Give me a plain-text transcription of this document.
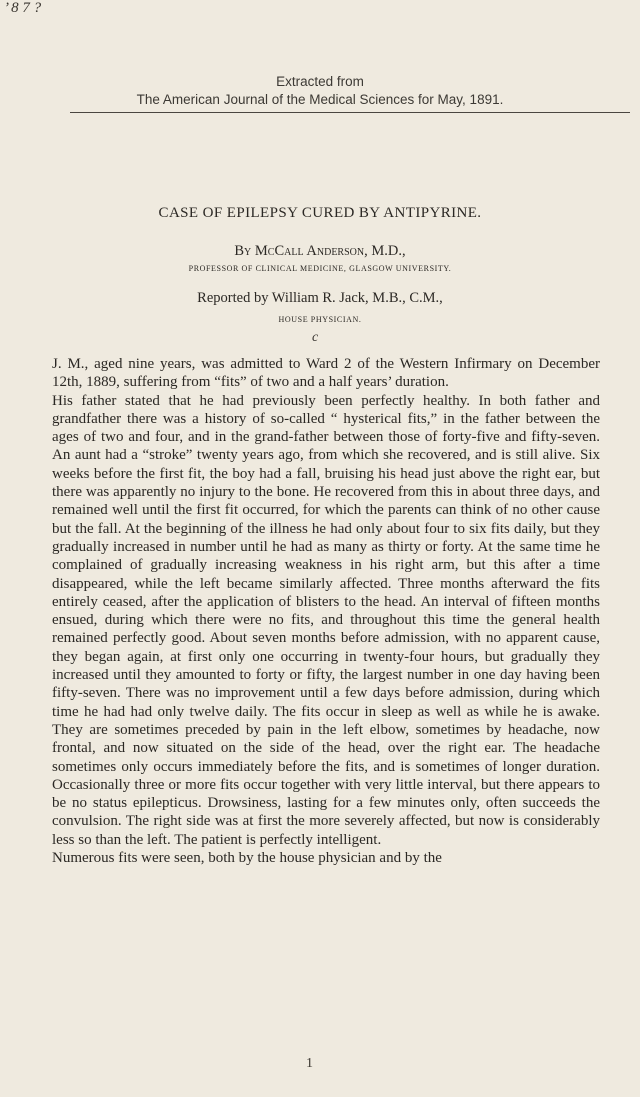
’ 8 7 ?
Extracted from
The American Journal of the Medical Sciences for May, 1891.
CASE OF EPILEPSY CURED BY ANTIPYRINE.
By McCall Anderson, M.D.,
PROFESSOR OF CLINICAL MEDICINE, GLASGOW UNIVERSITY.
Reported by William R. Jack, M.B., C.M.,
HOUSE PHYSICIAN.
c

J. M., aged nine years, was admitted to Ward 2 of the Western Infirmary on December 12th, 1889, suffering from “fits” of two and a half years’ duration.

His father stated that he had previously been perfectly healthy. In both father and grandfather there was a history of so-called “ hysterical fits,” in the father between the ages of two and four, and in the grand-father between those of forty-five and fifty-seven. An aunt had a “stroke” twenty years ago, from which she recovered, and is still alive. Six weeks before the first fit, the boy had a fall, bruising his head just above the right ear, but there was apparently no injury to the bone. He recovered from this in about three days, and remained well until the first fit occurred, for which the parents can think of no other cause but the fall. At the beginning of the illness he had only about four to six fits daily, but they gradually increased in number until he had as many as thirty or forty. At the same time he complained of gradually increasing weakness in his right arm, but this after a time disappeared, while the left became similarly affected. Three months afterward the fits entirely ceased, after the application of blisters to the head. An interval of fifteen months ensued, during which there were no fits, and throughout this time the general health remained perfectly good. About seven months before admission, with no apparent cause, they began again, at first only one occurring in twenty-four hours, but gradually they increased until they amounted to forty or fifty, the largest number in one day having been fifty-seven. There was no improvement until a few days before admission, during which time he had had only twelve daily. The fits occur in sleep as well as while he is awake. They are sometimes preceded by pain in the left elbow, sometimes by headache, now frontal, and now situated on the side of the head, over the right ear. The headache sometimes only occurs immediately before the fits, and is sometimes of longer duration. Occasionally three or more fits occur together with very little interval, but there appears to be no status epilepticus. Drowsiness, lasting for a few minutes only, often succeeds the convulsion. The right side was at first the more severely affected, but now is considerably less so than the left. The patient is perfectly intelligent.

Numerous fits were seen, both by the house physician and by the

1
